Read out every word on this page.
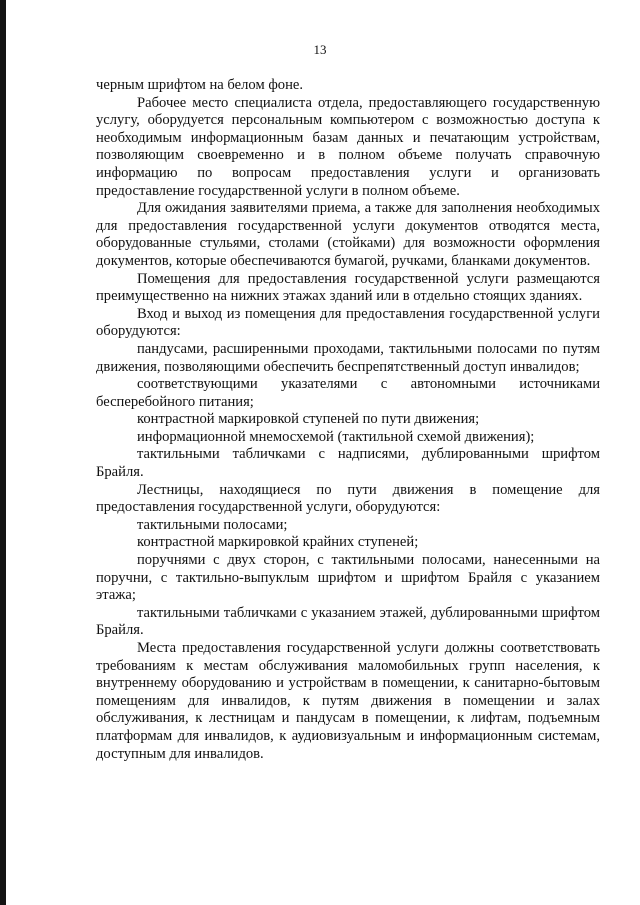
13

черным шрифтом на белом фоне.

Рабочее место специалиста отдела, предоставляющего государственную услугу, оборудуется персональным компьютером с возможностью доступа к необходимым информационным базам данных и печатающим устройствам, позволяющим своевременно и в полном объеме получать справочную информацию по вопросам предоставления услуги и организовать предоставление государственной услуги в полном объеме.

Для ожидания заявителями приема, а также для заполнения необходимых для предоставления государственной услуги документов отводятся места, оборудованные стульями, столами (стойками) для возможности оформления документов, которые обеспечиваются бумагой, ручками, бланками документов.

Помещения для предоставления государственной услуги размещаются преимущественно на нижних этажах зданий или в отдельно стоящих зданиях.

Вход и выход из помещения для предоставления государственной услуги оборудуются:

пандусами, расширенными проходами, тактильными полосами по путям движения, позволяющими обеспечить беспрепятственный доступ инвалидов;

соответствующими указателями с автономными источниками бесперебойного питания;

контрастной маркировкой ступеней по пути движения;

информационной мнемосхемой (тактильной схемой движения);

тактильными табличками с надписями, дублированными шрифтом Брайля.

Лестницы, находящиеся по пути движения в помещение для предоставления государственной услуги, оборудуются:

тактильными полосами;

контрастной маркировкой крайних ступеней;

поручнями с двух сторон, с тактильными полосами, нанесенными на поручни, с тактильно-выпуклым шрифтом и шрифтом Брайля с указанием этажа;

тактильными табличками с указанием этажей, дублированными шрифтом Брайля.

Места предоставления государственной услуги должны соответствовать требованиям к местам обслуживания маломобильных групп населения, к внутреннему оборудованию и устройствам в помещении, к санитарно-бытовым помещениям для инвалидов, к путям движения в помещении и залах обслуживания, к лестницам и пандусам в помещении, к лифтам, подъемным платформам для инвалидов, к аудиовизуальным и информационным системам, доступным для инвалидов.
